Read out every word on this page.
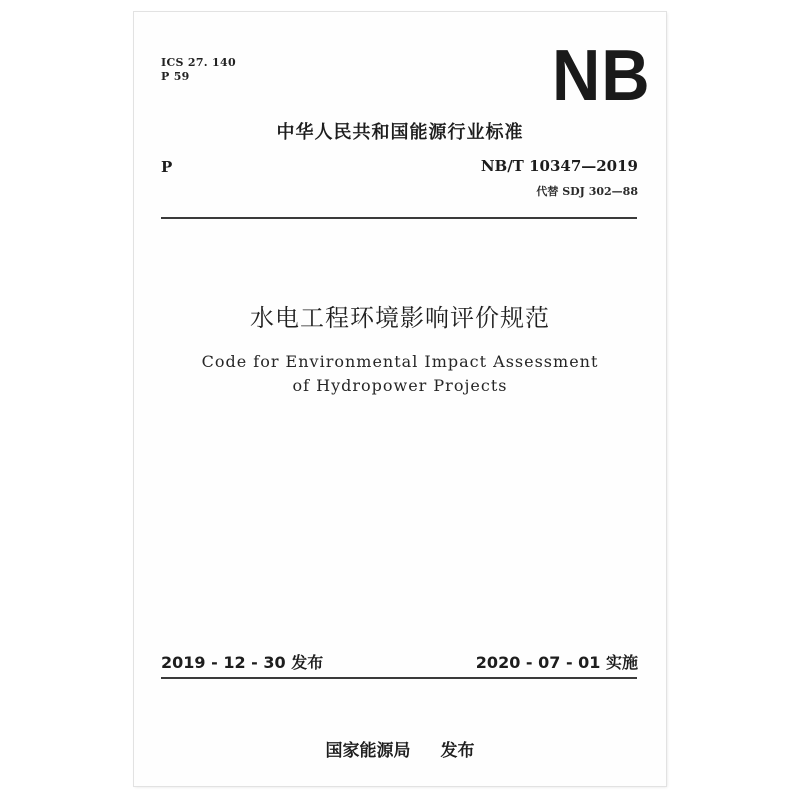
ICS 27. 140
P 59	NB
中华人民共和国能源行业标准
P	NB/T 10347—2019
代替 SDJ 302—88
水电工程环境影响评价规范
Code for Environmental Impact Assessment
of Hydropower Projects
2019 - 12 - 30 发布	2020 - 07 - 01 实施
国家能源局 发布
